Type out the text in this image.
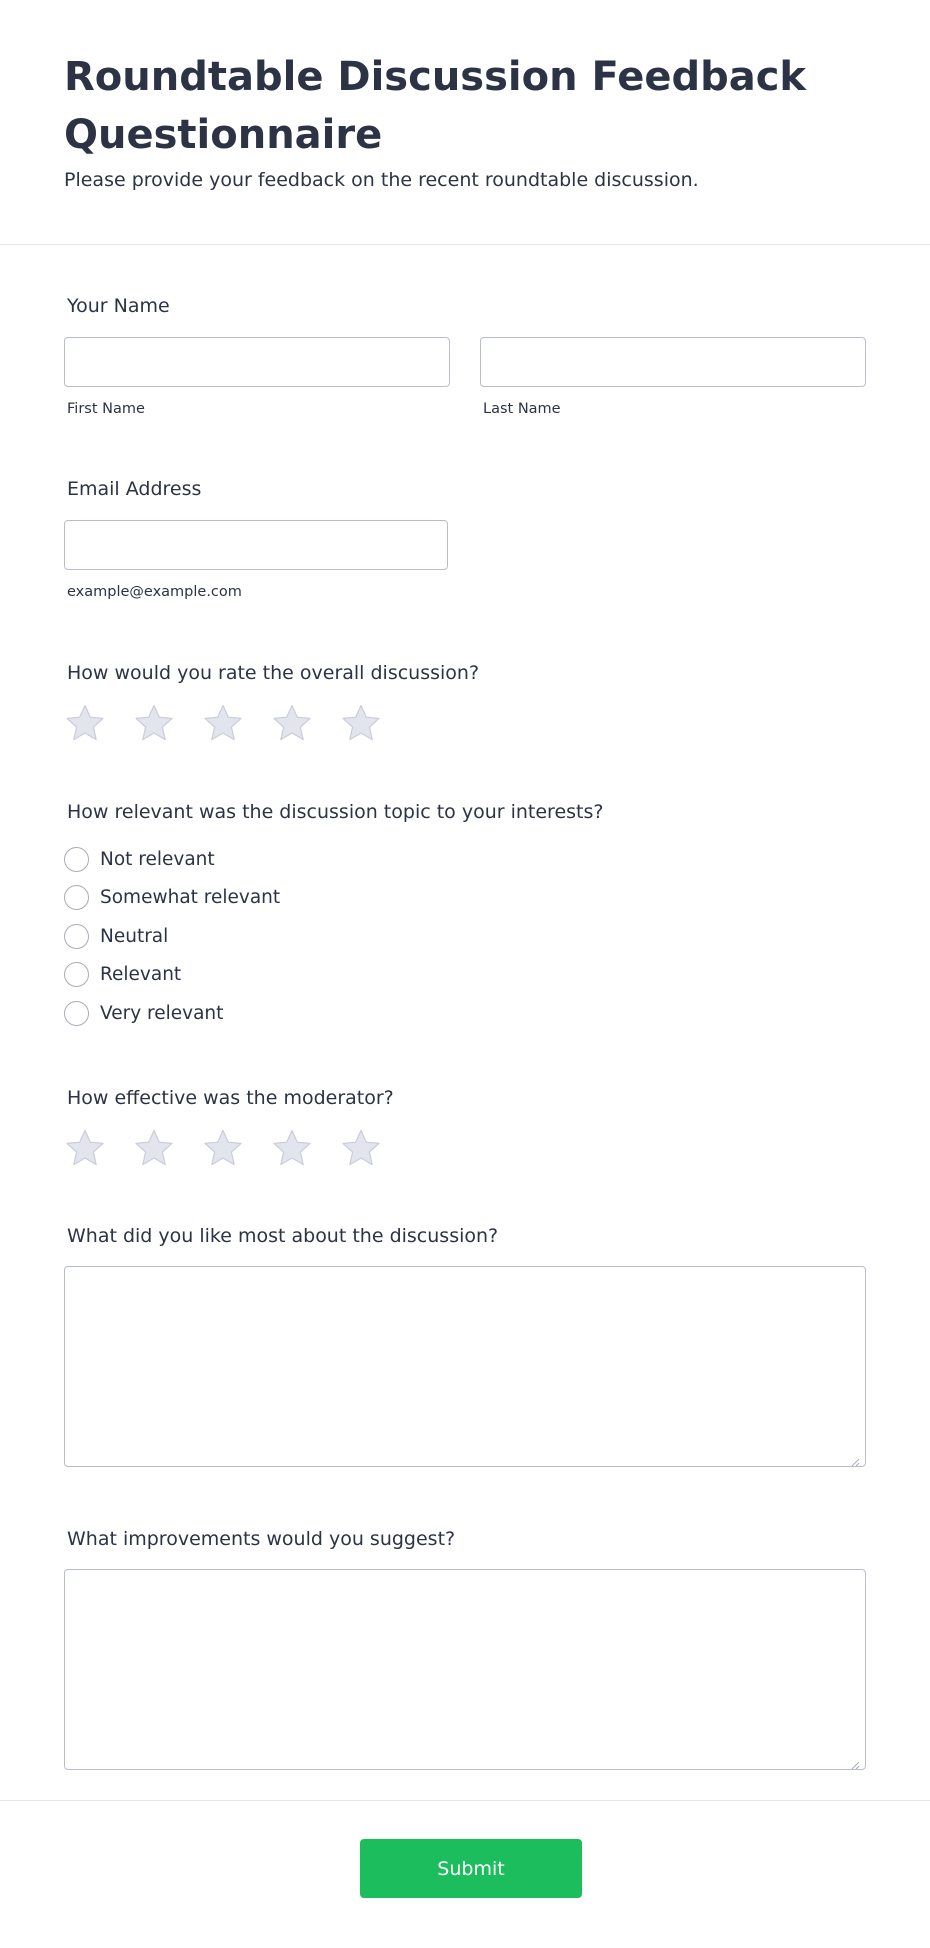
Roundtable Discussion Feedback Questionnaire

Please provide your feedback on the recent roundtable discussion.

Your Name
First Name	Last Name
Email Address
example@example.com
How would you rate the overall discussion?
How relevant was the discussion topic to your interests?
Not relevant
Somewhat relevant
Neutral
Relevant
Very relevant
How effective was the moderator?
What did you like most about the discussion?
What improvements would you suggest?
Submit
